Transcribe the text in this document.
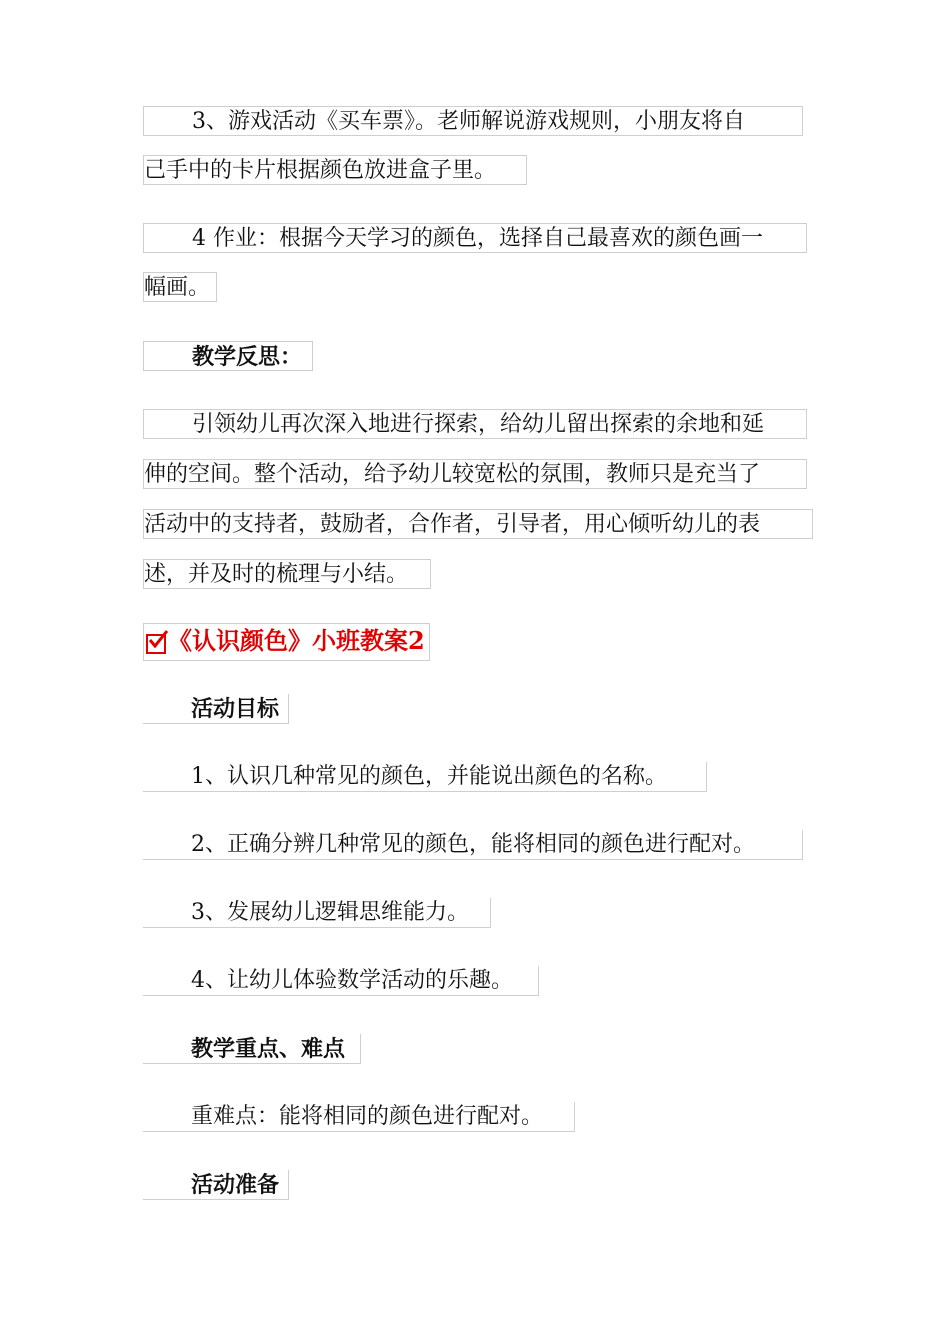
3、游戏活动《买车票》。老师解说游戏规则，小朋友将自
己手中的卡片根据颜色放进盒子里。
4 作业：根据今天学习的颜色，选择自己最喜欢的颜色画一
幅画。
教学反思：
引领幼儿再次深入地进行探索，给幼儿留出探索的余地和延
伸的空间。整个活动，给予幼儿较宽松的氛围，教师只是充当了
活动中的支持者，鼓励者，合作者，引导者，用心倾听幼儿的表
述，并及时的梳理与小结。
《认识颜色》小班教案2
活动目标
1、认识几种常见的颜色，并能说出颜色的名称。
2、正确分辨几种常见的颜色，能将相同的颜色进行配对。
3、发展幼儿逻辑思维能力。
4、让幼儿体验数学活动的乐趣。
教学重点、难点
重难点：能将相同的颜色进行配对。
活动准备
